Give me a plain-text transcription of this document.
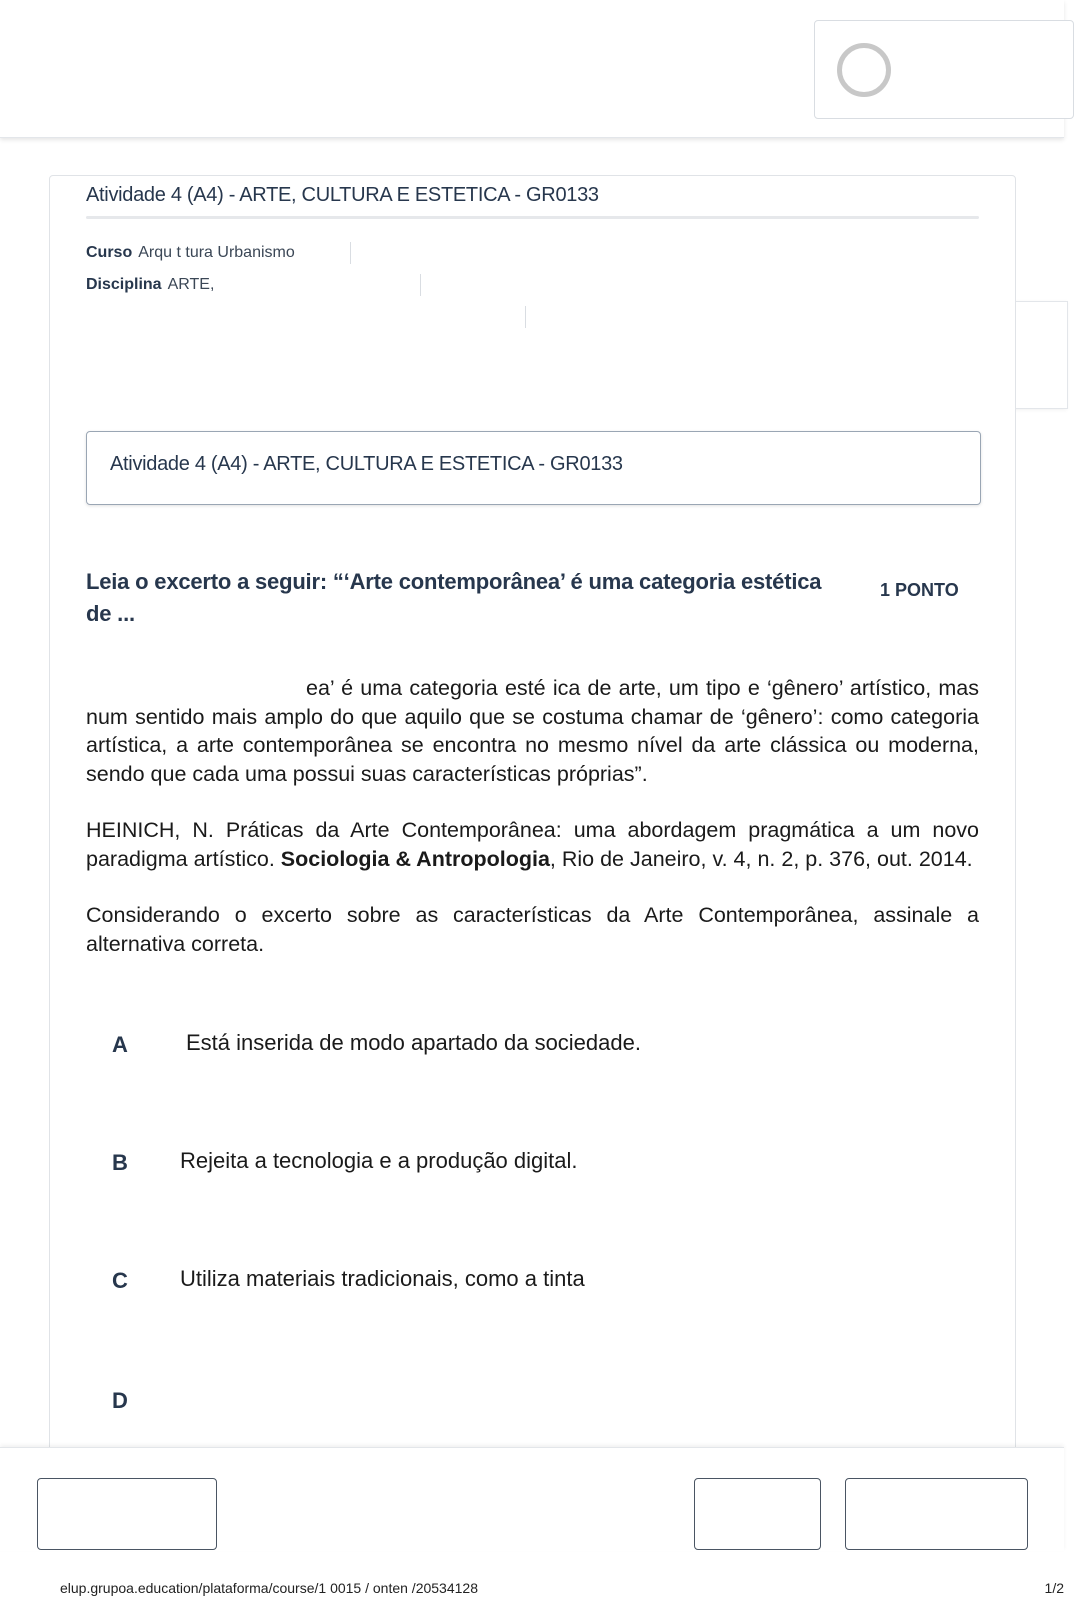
Atividade 4 (A4) - ARTE, CULTURA E ESTETICA - GR0133
Curso Arqu t tura Urbanismo
Disciplina ARTE,
Atividade 4 (A4) - ARTE, CULTURA E ESTETICA - GR0133
Leia o excerto a seguir: “‘Arte contemporânea’ é uma categoria estética de ...
1 PONTO

ea’ é uma categoria esté ica de arte, um tipo e ‘gênero’ artístico, mas num sentido mais amplo do que aquilo que se costuma chamar de ‘gênero’: como categoria artística, a arte contemporânea se encontra no mesmo nível da arte clássica ou moderna, sendo que cada uma possui suas características próprias”.

HEINICH, N. Práticas da Arte Contemporânea: uma abordagem pragmática a um novo paradigma artístico. Sociologia & Antropologia, Rio de Janeiro, v. 4, n. 2, p. 376, out. 2014.

Considerando o excerto sobre as características da Arte Contemporânea, assinale a alternativa correta.

A	Está inserida de modo apartado da sociedade.
B Rejeita a tecnologia e a produção digital.
C Utiliza materiais tradicionais, como a tinta
D
elup.grupoa.education/plataforma/course/1 0015 / onten /20534128	1/2
